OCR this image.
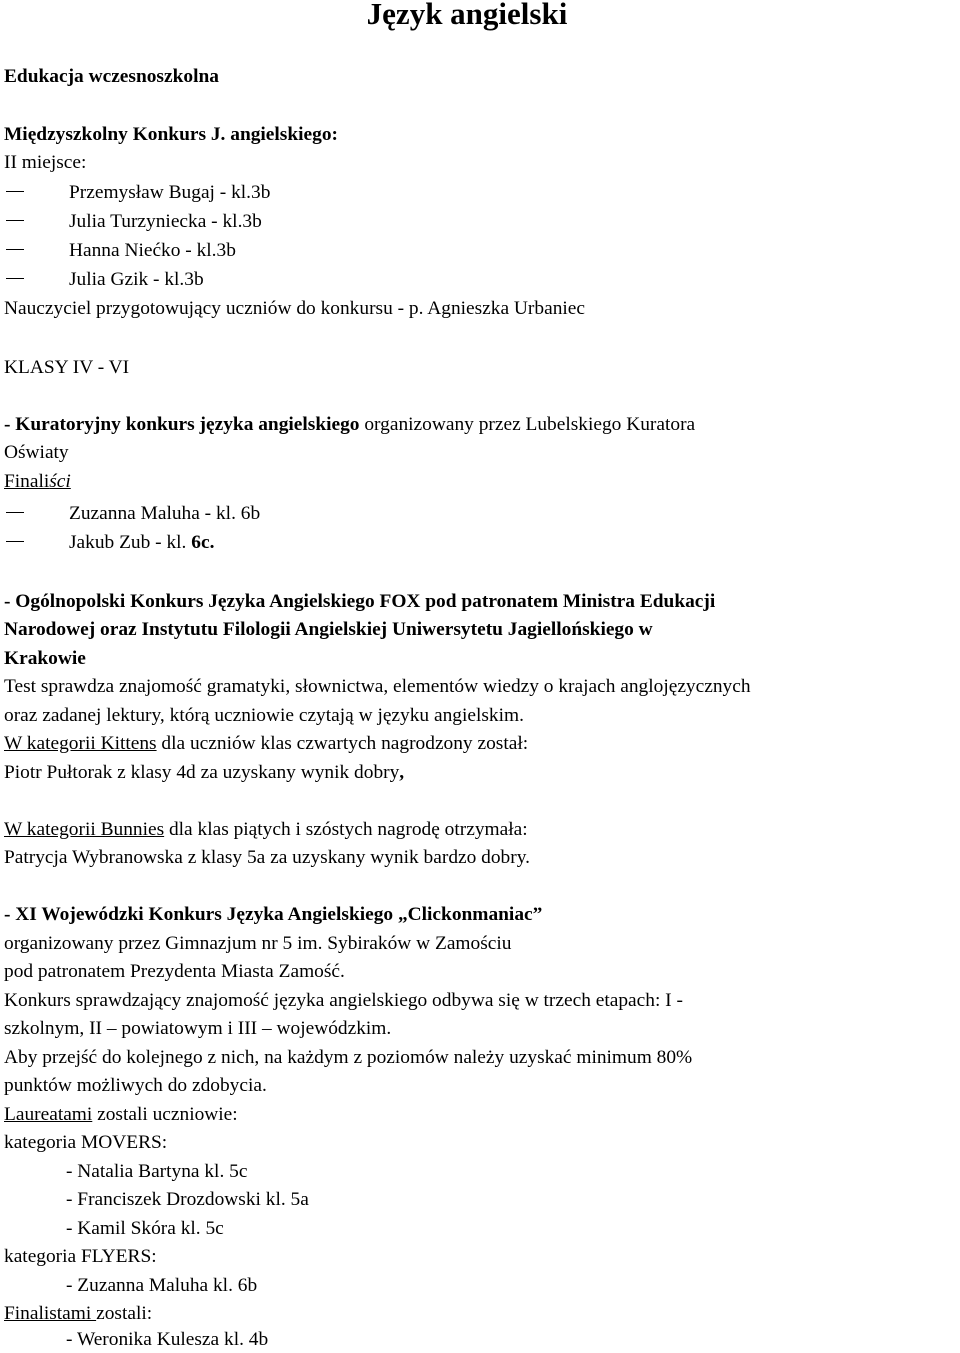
Język angielski
Edukacja wczesnoszkolna
Międzyszkolny Konkurs J. angielskiego:
II miejsce:
Przemysław Bugaj - kl.3b
Julia Turzyniecka - kl.3b
Hanna Niećko - kl.3b
Julia Gzik - kl.3b
Nauczyciel przygotowujący uczniów do konkursu - p. Agnieszka Urbaniec
KLASY IV - VI
- Kuratoryjny konkurs języka angielskiego organizowany przez Lubelskiego Kuratora
Oświaty
Finaliści
Zuzanna Maluha - kl. 6b
Jakub Zub - kl. 6c.
- Ogólnopolski Konkurs Języka Angielskiego FOX pod patronatem Ministra Edukacji
Narodowej oraz Instytutu Filologii Angielskiej Uniwersytetu Jagiellońskiego w
Krakowie
Test sprawdza znajomość gramatyki, słownictwa, elementów wiedzy o krajach anglojęzycznych
oraz zadanej lektury, którą uczniowie czytają w języku angielskim.
W kategorii Kittens dla uczniów klas czwartych nagrodzony został:
Piotr Pułtorak z klasy 4d za uzyskany wynik dobry,
W kategorii Bunnies dla klas piątych i szóstych nagrodę otrzymała:
Patrycja Wybranowska z klasy 5a za uzyskany wynik bardzo dobry.
- XI Wojewódzki Konkurs Języka Angielskiego „Clickonmaniac”
organizowany przez Gimnazjum nr 5 im. Sybiraków w Zamościu
pod patronatem Prezydenta Miasta Zamość.
Konkurs sprawdzający znajomość języka angielskiego odbywa się w trzech etapach: I -
szkolnym, II – powiatowym i III – wojewódzkim.
Aby przejść do kolejnego z nich, na każdym z poziomów należy uzyskać minimum 80%
punktów możliwych do zdobycia.
Laureatami zostali uczniowie:
kategoria MOVERS:
- Natalia Bartyna kl. 5c
- Franciszek Drozdowski kl. 5a
- Kamil Skóra kl. 5c
kategoria FLYERS:
- Zuzanna Maluha kl. 6b
Finalistami zostali:
- Weronika Kulesza kl. 4b
